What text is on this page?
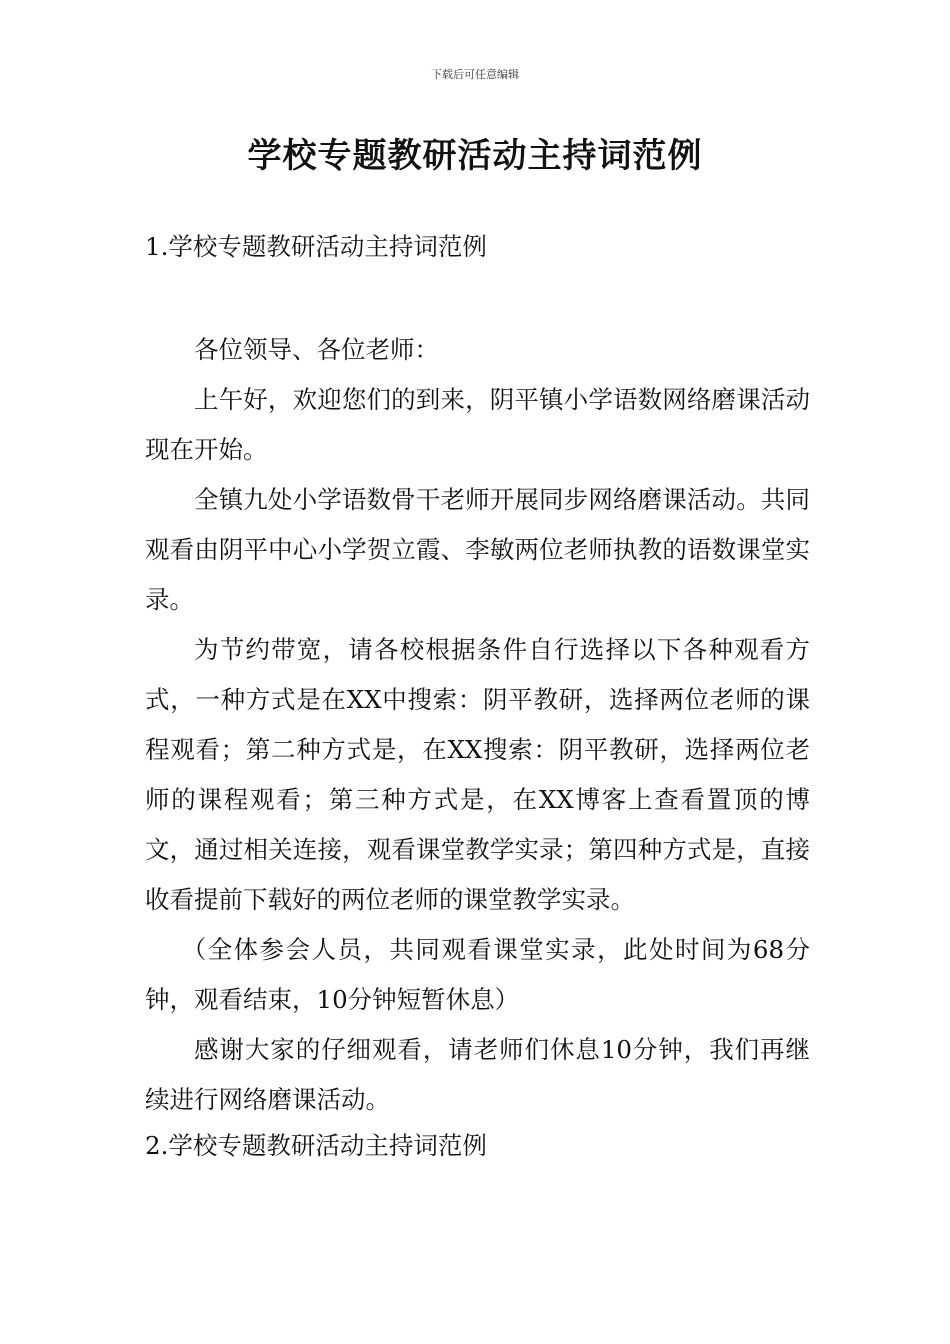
下载后可任意编辑
学校专题教研活动主持词范例

1.学校专题教研活动主持词范例

各位领导、各位老师：

上午好，欢迎您们的到来，阴平镇小学语数网络磨课活动现在开始。

全镇九处小学语数骨干老师开展同步网络磨课活动。共同观看由阴平中心小学贺立霞、李敏两位老师执教的语数课堂实录。

为节约带宽，请各校根据条件自行选择以下各种观看方式，一种方式是在XX中搜索：阴平教研，选择两位老师的课程观看；第二种方式是，在XX搜索：阴平教研，选择两位老师的课程观看；第三种方式是，在XX博客上查看置顶的博文，通过相关连接，观看课堂教学实录；第四种方式是，直接收看提前下载好的两位老师的课堂教学实录。

（全体参会人员，共同观看课堂实录，此处时间为68分钟，观看结束，10分钟短暂休息）

感谢大家的仔细观看，请老师们休息10分钟，我们再继续进行网络磨课活动。

2.学校专题教研活动主持词范例
